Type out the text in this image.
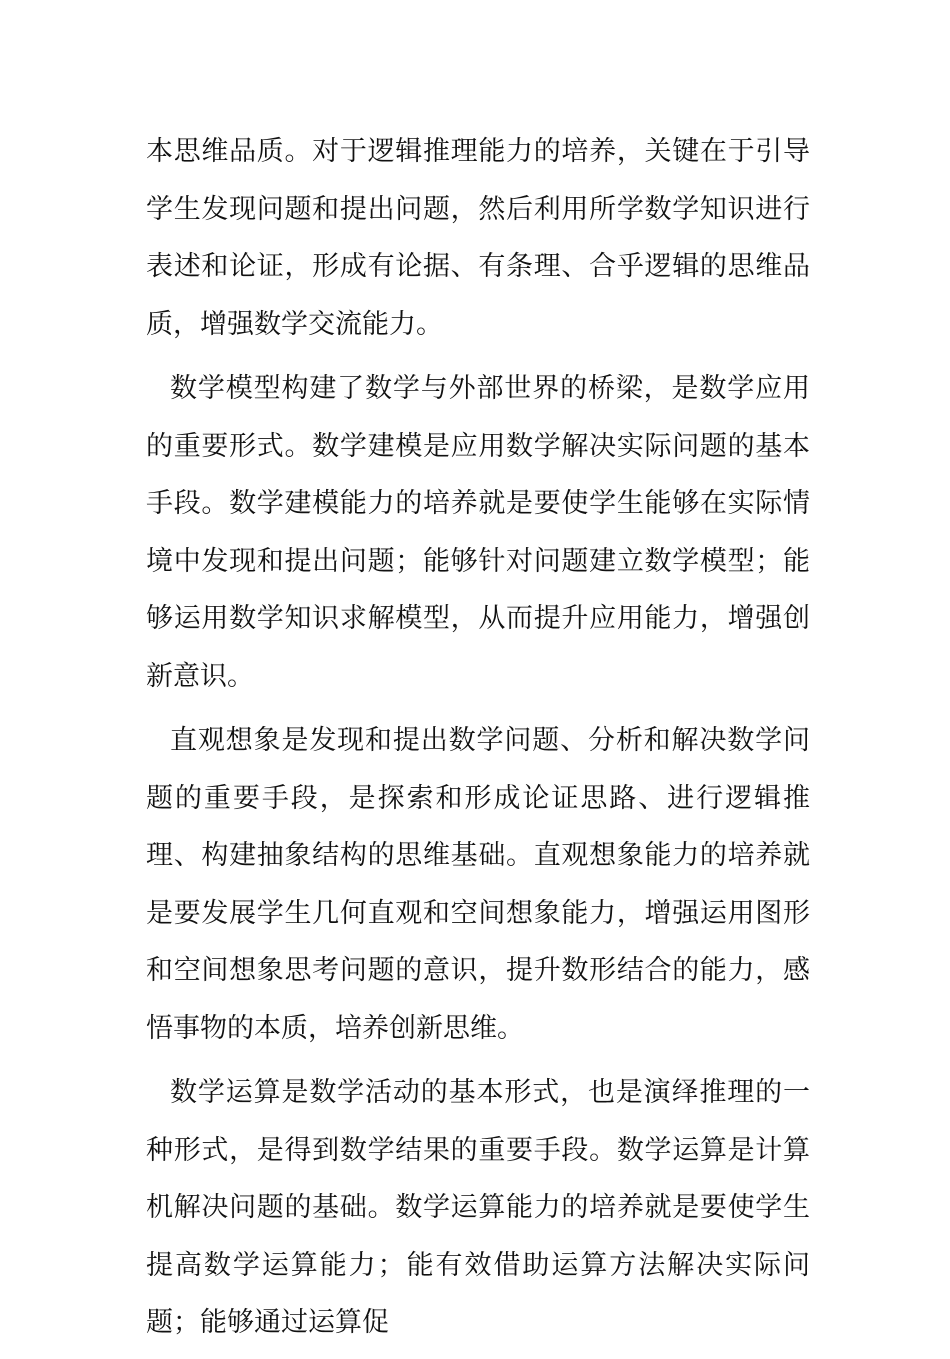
本思维品质。对于逻辑推理能力的培养，关键在于引导学生发现问题和提出问题，然后利用所学数学知识进行表述和论证，形成有论据、有条理、合乎逻辑的思维品质，增强数学交流能力。

数学模型构建了数学与外部世界的桥梁，是数学应用的重要形式。数学建模是应用数学解决实际问题的基本手段。数学建模能力的培养就是要使学生能够在实际情境中发现和提出问题；能够针对问题建立数学模型；能够运用数学知识求解模型，从而提升应用能力，增强创新意识。

直观想象是发现和提出数学问题、分析和解决数学问题的重要手段，是探索和形成论证思路、进行逻辑推理、构建抽象结构的思维基础。直观想象能力的培养就是要发展学生几何直观和空间想象能力，增强运用图形和空间想象思考问题的意识，提升数形结合的能力，感悟事物的本质，培养创新思维。

数学运算是数学活动的基本形式，也是演绎推理的一种形式，是得到数学结果的重要手段。数学运算是计算机解决问题的基础。数学运算能力的培养就是要使学生提高数学运算能力；能有效借助运算方法解决实际问题；能够通过运算促
